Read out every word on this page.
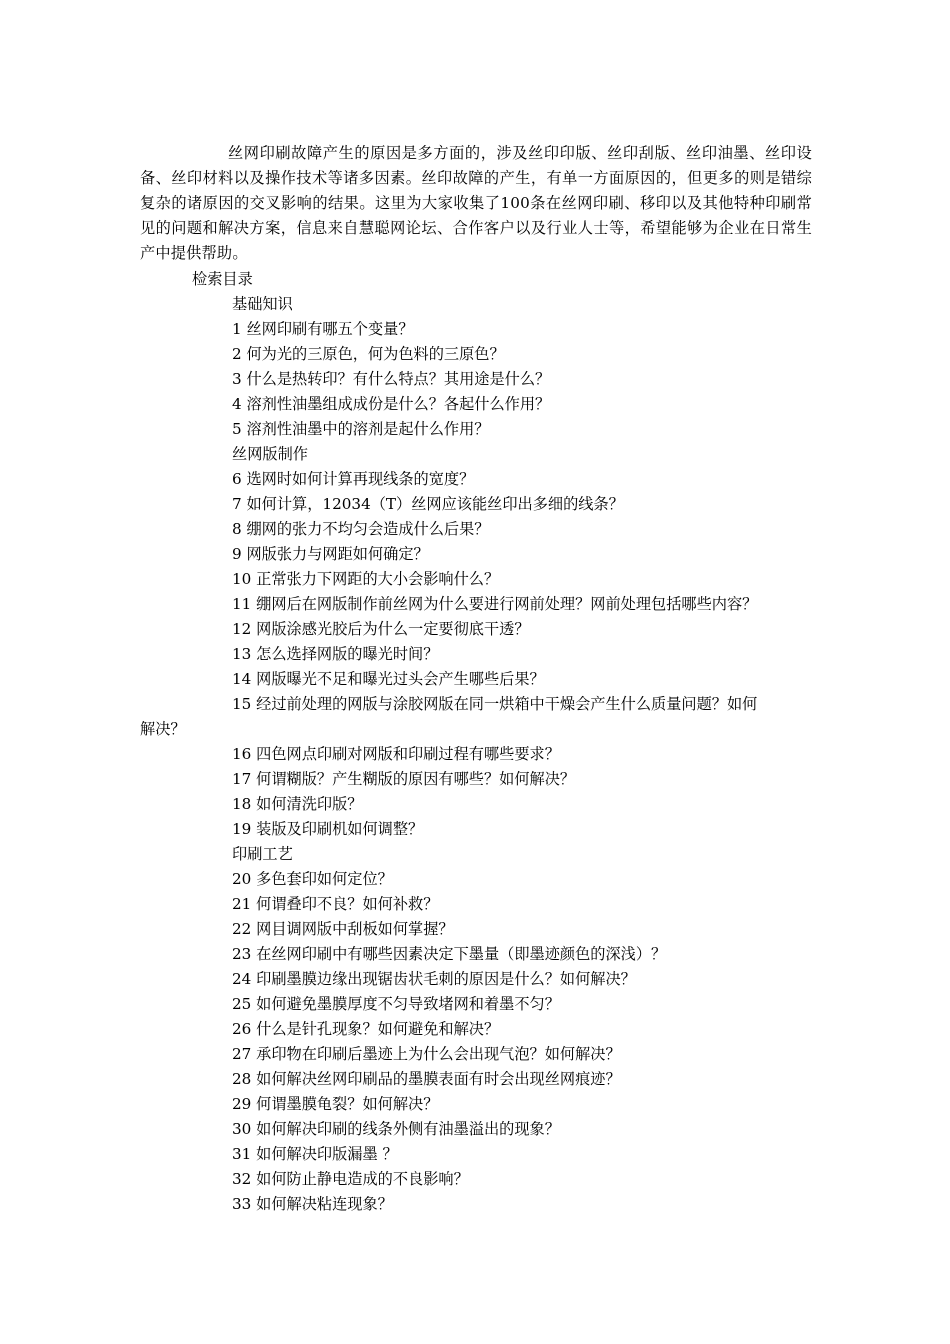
丝网印刷故障产生的原因是多方面的，涉及丝印印版、丝印刮版、丝印油墨、丝印设备、丝印材料以及操作技术等诸多因素。丝印故障的产生，有单一方面原因的，但更多的则是错综复杂的诸原因的交叉影响的结果。这里为大家收集了100条在丝网印刷、移印以及其他特种印刷常见的问题和解决方案，信息来自慧聪网论坛、合作客户以及行业人士等，希望能够为企业在日常生产中提供帮助。

检索目录
基础知识
1 丝网印刷有哪五个变量？
2 何为光的三原色，何为色料的三原色？
3 什么是热转印？有什么特点？其用途是什么？
4 溶剂性油墨组成成份是什么？各起什么作用？
5 溶剂性油墨中的溶剂是起什么作用？
丝网版制作
6 选网时如何计算再现线条的宽度？
7 如何计算，12034（T）丝网应该能丝印出多细的线条？
8 绷网的张力不均匀会造成什么后果？
9 网版张力与网距如何确定？
10 正常张力下网距的大小会影响什么？
11 绷网后在网版制作前丝网为什么要进行网前处理？网前处理包括哪些内容？
12 网版涂感光胶后为什么一定要彻底干透？
13 怎么选择网版的曝光时间？
14 网版曝光不足和曝光过头会产生哪些后果？
15 经过前处理的网版与涂胶网版在同一烘箱中干燥会产生什么质量问题？如何
解决？
16 四色网点印刷对网版和印刷过程有哪些要求？
17 何谓糊版？产生糊版的原因有哪些？如何解决？
18 如何清洗印版？
19 装版及印刷机如何调整？
印刷工艺
20 多色套印如何定位？
21 何谓叠印不良？如何补救？
22 网目调网版中刮板如何掌握？
23 在丝网印刷中有哪些因素决定下墨量（即墨迹颜色的深浅）？
24 印刷墨膜边缘出现锯齿状毛刺的原因是什么？如何解决？
25 如何避免墨膜厚度不匀导致堵网和着墨不匀？
26 什么是针孔现象？如何避免和解决？
27 承印物在印刷后墨迹上为什么会出现气泡？如何解决？
28 如何解决丝网印刷品的墨膜表面有时会出现丝网痕迹？
29 何谓墨膜龟裂？如何解决？
30 如何解决印刷的线条外侧有油墨溢出的现象？
31 如何解决印版漏墨 ？
32 如何防止静电造成的不良影响？
33 如何解决粘连现象？
